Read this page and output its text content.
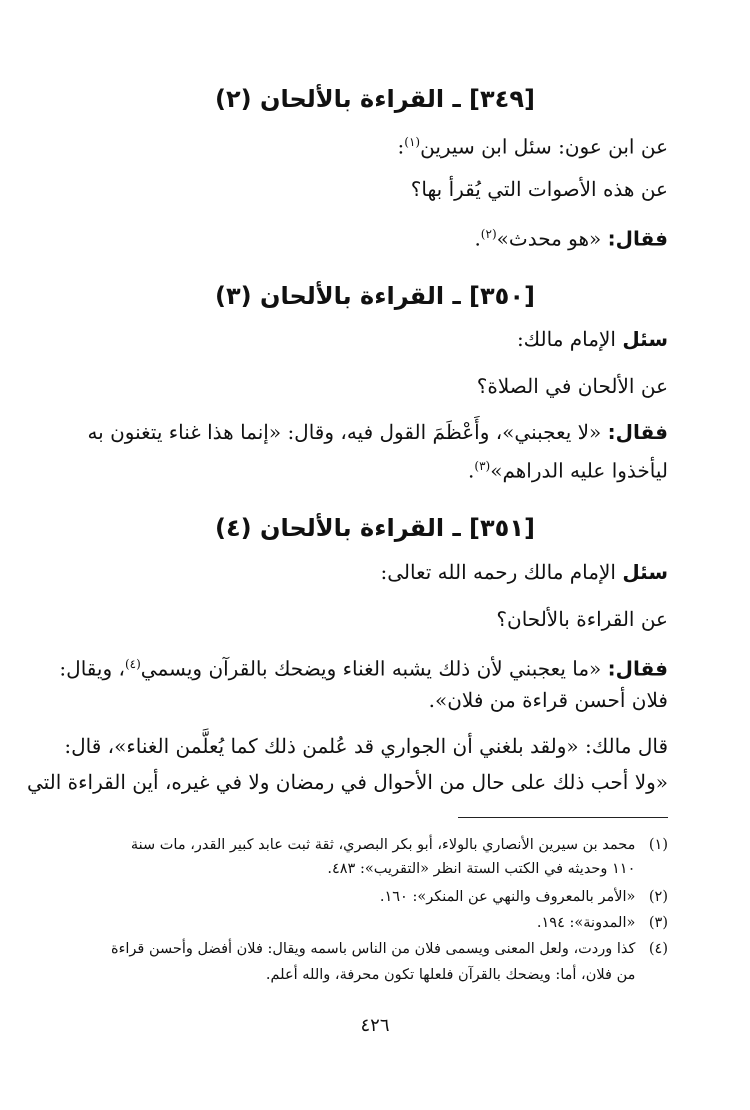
[٣٤٩] ـ القراءة بالألحان (٢)
عن ابن عون: سئل ابن سيرين$^{(١)}$:
عن هذه الأصوات التي يُقرأ بها؟
فقال: «هو محدث»$^{(٢)}$.
[٣٥٠] ـ القراءة بالألحان (٣)
سئل الإمام مالك:
عن الألحان في الصلاة؟
فقال: «لا يعجبني»، وأَعْظَمَ القول فيه، وقال: «إنما هذا غناء يتغنون به
ليأخذوا عليه الدراهم»$^{(٣)}$.
[٣٥١] ـ القراءة بالألحان (٤)
سئل الإمام مالك رحمه الله تعالى:
عن القراءة بالألحان؟
فقال: «ما يعجبني لأن ذلك يشبه الغناء ويضحك بالقرآن ويسمي$^{(٤)}$، ويقال:
فلان أحسن قراءة من فلان».
قال مالك: «ولقد بلغني أن الجواري قد عُلمن ذلك كما يُعلَّمن الغناء»، قال:
«ولا أحب ذلك على حال من الأحوال في رمضان ولا في غيره، أين القراءة التي
(١) محمد بن سيرين الأنصاري بالولاء، أبو بكر البصري، ثقة ثبت عابد كبير القدر، مات سنة
١١٠ وحديثه في الكتب الستة انظر «التقريب»: ٤٨٣.
(٢) «الأمر بالمعروف والنهي عن المنكر»: ١٦٠.
(٣) «المدونة»: ١٩٤.
(٤) كذا وردت، ولعل المعنى ويسمى فلان من الناس باسمه ويقال: فلان أفضل وأحسن قراءة
من فلان، أما: ويضحك بالقرآن فلعلها تكون محرفة، والله أعلم.
٤٢٦
